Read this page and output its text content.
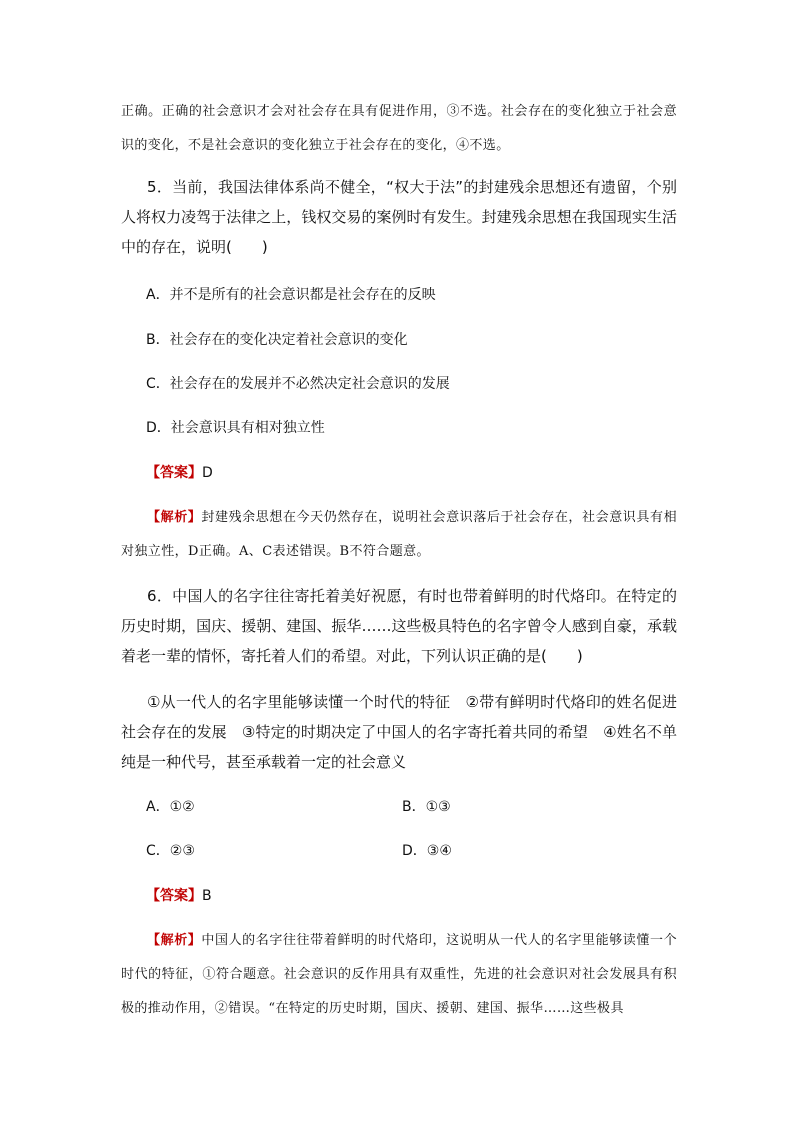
正确。正确的社会意识才会对社会存在具有促进作用，③不选。社会存在的变化独立于社会意识的变化，不是社会意识的变化独立于社会存在的变化，④不选。
5．当前，我国法律体系尚不健全，“权大于法”的封建残余思想还有遗留，个别人将权力凌驾于法律之上，钱权交易的案例时有发生。封建残余思想在我国现实生活中的存在，说明(　　)
A．并不是所有的社会意识都是社会存在的反映
B．社会存在的变化决定着社会意识的变化
C．社会存在的发展并不必然决定社会意识的发展
D．社会意识具有相对独立性
【答案】D
【解析】封建残余思想在今天仍然存在，说明社会意识落后于社会存在，社会意识具有相对独立性，D正确。A、C表述错误。B不符合题意。
6．中国人的名字往往寄托着美好祝愿，有时也带着鲜明的时代烙印。在特定的历史时期，国庆、援朝、建国、振华……这些极具特色的名字曾令人感到自豪，承载着老一辈的情怀，寄托着人们的希望。对此，下列认识正确的是(　　)
①从一代人的名字里能够读懂一个时代的特征　②带有鲜明时代烙印的姓名促进社会存在的发展　③特定的时期决定了中国人的名字寄托着共同的希望　④姓名不单纯是一种代号，甚至承载着一定的社会意义
A．①②	B．①③
C．②③	D．③④
【答案】B
【解析】中国人的名字往往带着鲜明的时代烙印，这说明从一代人的名字里能够读懂一个时代的特征，①符合题意。社会意识的反作用具有双重性，先进的社会意识对社会发展具有积极的推动作用，②错误。“在特定的历史时期，国庆、援朝、建国、振华……这些极具
